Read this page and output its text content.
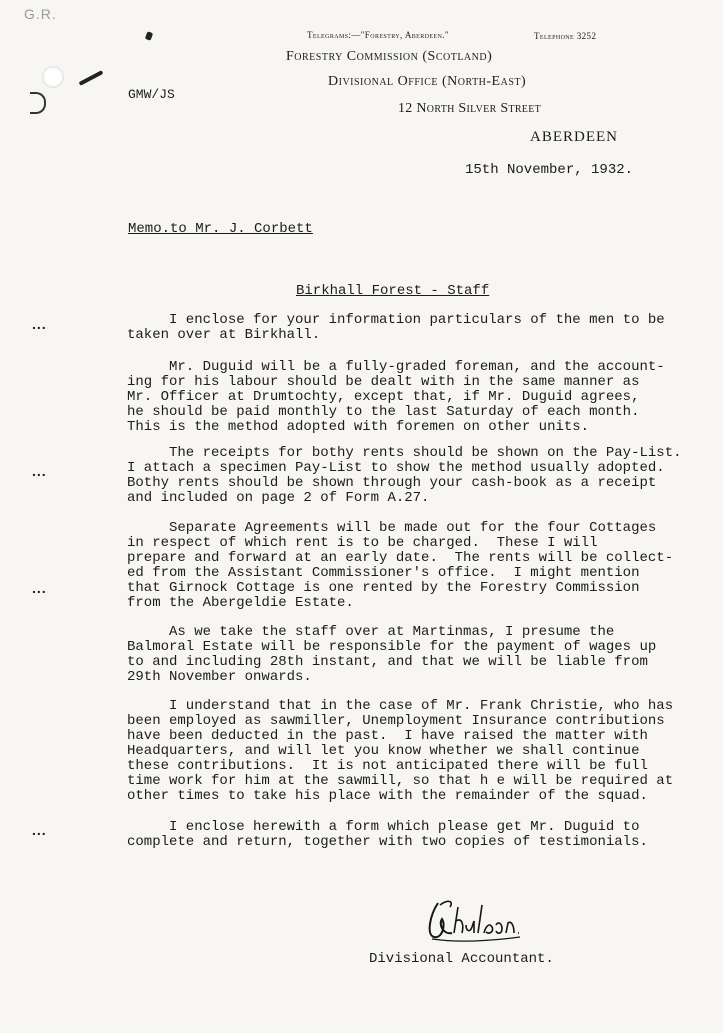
G.R.
Telegrams:—"Forestry, Aberdeen."	Telephone 3252
Forestry Commission (Scotland)
Divisional Office (North-East)
12 North Silver Street
ABERDEEN
GMW/JS
15th November, 1932.
Memo.to Mr. J. Corbett
Birkhall Forest - Staff
...
...
...
...
I enclose for your information particulars of the men to be
taken over at Birkhall.
Mr. Duguid will be a fully-graded foreman, and the account-
ing for his labour should be dealt with in the same manner as
Mr. Officer at Drumtochty, except that, if Mr. Duguid agrees,
he should be paid monthly to the last Saturday of each month.
This is the method adopted with foremen on other units.
The receipts for bothy rents should be shown on the Pay-List.
I attach a specimen Pay-List to show the method usually adopted.
Bothy rents should be shown through your cash-book as a receipt
and included on page 2 of Form A.27.
Separate Agreements will be made out for the four Cottages
in respect of which rent is to be charged.  These I will
prepare and forward at an early date.  The rents will be collect-
ed from the Assistant Commissioner's office.  I might mention
that Girnock Cottage is one rented by the Forestry Commission
from the Abergeldie Estate.
As we take the staff over at Martinmas, I presume the
Balmoral Estate will be responsible for the payment of wages up
to and including 28th instant, and that we will be liable from
29th November onwards.
I understand that in the case of Mr. Frank Christie, who has
been employed as sawmiller, Unemployment Insurance contributions
have been deducted in the past.  I have raised the matter with
Headquarters, and will let you know whether we shall continue
these contributions.  It is not anticipated there will be full
time work for him at the sawmill, so that h e will be required at
other times to take his place with the remainder of the squad.
I enclose herewith a form which please get Mr. Duguid to
complete and return, together with two copies of testimonials.
Divisional Accountant.
